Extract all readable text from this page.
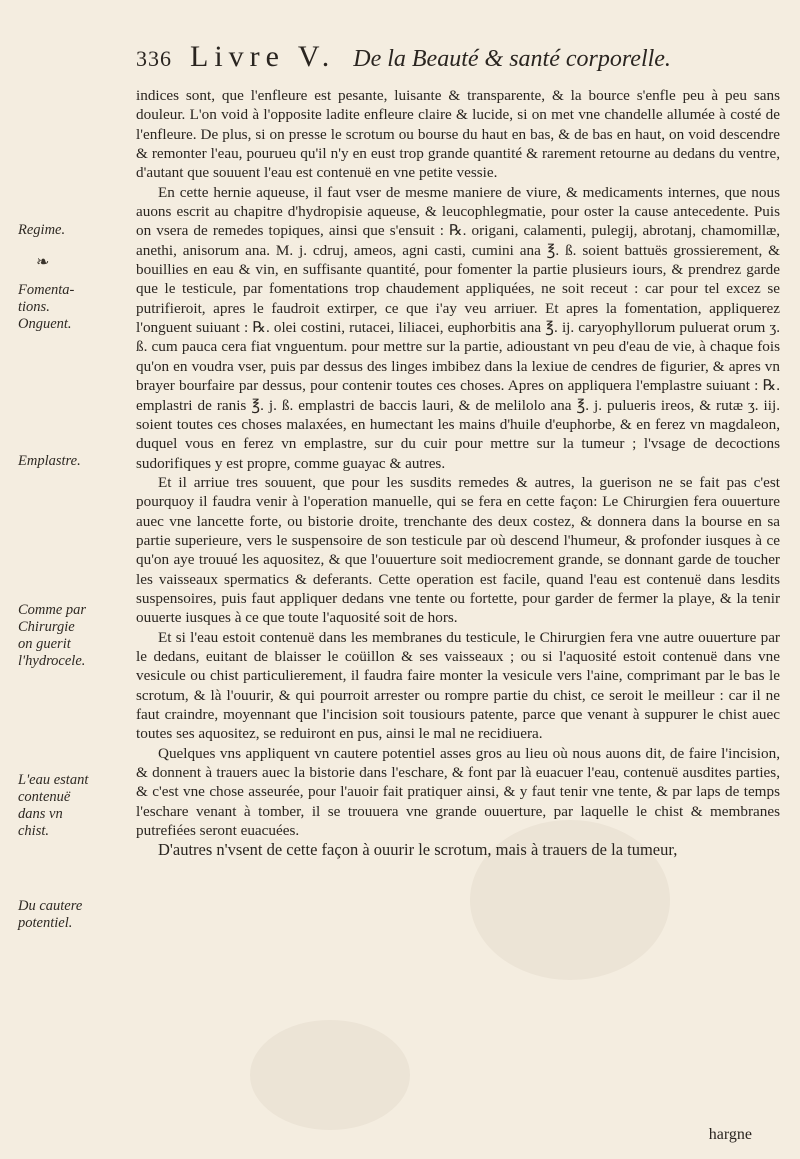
336 Livre V. De la Beauté & santé corporelle.
Regime.
❧
Fomenta-
tions.
Onguent.
Emplastre.
Comme par
Chirurgie
on guerit
l'hydrocele.
L'eau estant
contenuë
dans vn
chist.
Du cautere
potentiel.

indices sont, que l'enfleure est pesante, luisante & transparente, & la bource s'enfle peu à peu sans douleur. L'on void à l'opposite ladite enfleure claire & lucide, si on met vne chandelle allumée à costé de l'enfleure. De plus, si on presse le scrotum ou bourse du haut en bas, & de bas en haut, on void descendre & remonter l'eau, pourueu qu'il n'y en eust trop grande quantité & rarement retourne au dedans du ventre, d'autant que souuent l'eau est contenuë en vne petite vessie.

En cette hernie aqueuse, il faut vser de mesme maniere de viure, & medicaments internes, que nous auons escrit au chapitre d'hydropisie aqueuse, & leucophlegmatie, pour oster la cause antecedente. Puis on vsera de remedes topiques, ainsi que s'ensuit : ℞. origani, calamenti, pulegij, abrotanj, chamomillæ, anethi, anisorum ana. M. j. cdruj, ameos, agni casti, cumini ana ℥. ß. soient battuës grossierement, & bouillies en eau & vin, en suffisante quantité, pour fomenter la partie plusieurs iours, & prendrez garde que le testicule, par fomentations trop chaudement appliquées, ne soit receut : car pour tel excez se putrifieroit, apres le faudroit extirper, ce que i'ay veu arriuer. Et apres la fomentation, appliquerez l'onguent suiuant : ℞. olei costini, rutacei, liliacei, euphorbitis ana ℥. ij. caryophyllorum puluerat orum ʒ. ß. cum pauca cera fiat vnguentum. pour mettre sur la partie, adioustant vn peu d'eau de vie, à chaque fois qu'on en voudra vser, puis par dessus des linges imbibez dans la lexiue de cendres de figurier, & apres vn brayer bourfaire par dessus, pour contenir toutes ces choses. Apres on appliquera l'emplastre suiuant : ℞. emplastri de ranis ℥. j. ß. emplastri de baccis lauri, & de melilolo ana ℥. j. pulueris ireos, & rutæ ʒ. iij. soient toutes ces choses malaxées, en humectant les mains d'huile d'euphorbe, & en ferez vn magdaleon, duquel vous en ferez vn emplastre, sur du cuir pour mettre sur la tumeur ; l'vsage de decoctions sudorifiques y est propre, comme guayac & autres.

Et il arriue tres souuent, que pour les susdits remedes & autres, la guerison ne se fait pas c'est pourquoy il faudra venir à l'operation manuelle, qui se fera en cette façon: Le Chirurgien fera ouuerture auec vne lancette forte, ou bistorie droite, trenchante des deux costez, & donnera dans la bourse en sa partie superieure, vers le suspensoire de son testicule par où descend l'humeur, & profonder iusques à ce qu'on aye trouué les aquositez, & que l'ouuerture soit mediocrement grande, se donnant garde de toucher les vaisseaux spermatics & deferants. Cette operation est facile, quand l'eau est contenuë dans lesdits suspensoires, puis faut appliquer dedans vne tente ou fortette, pour garder de fermer la playe, & la tenir ouuerte iusques à ce que toute l'aquosité soit de hors.

Et si l'eau estoit contenuë dans les membranes du testicule, le Chirurgien fera vne autre ouuerture par le dedans, euitant de blaisser le coüillon & ses vaisseaux ; ou si l'aquosité estoit contenuë dans vne vesicule ou chist particulierement, il faudra faire monter la vesicule vers l'aine, comprimant par le bas le scrotum, & là l'ouurir, & qui pourroit arrester ou rompre partie du chist, ce seroit le meilleur : car il ne faut craindre, moyennant que l'incision soit tousiours patente, parce que venant à suppurer le chist auec toutes ses aquositez, se reduiront en pus, ainsi le mal ne recidiuera.

Quelques vns appliquent vn cautere potentiel asses gros au lieu où nous auons dit, de faire l'incision, & donnent à trauers auec la bistorie dans l'eschare, & font par là euacuer l'eau, contenuë ausdites parties, & c'est vne chose asseurée, pour l'auoir fait pratiquer ainsi, & y faut tenir vne tente, & par laps de temps l'eschare venant à tomber, il se trouuera vne grande ouuerture, par laquelle le chist & membranes putrefiées seront euacuées.

D'autres n'vsent de cette façon à ouurir le scrotum, mais à trauers de la tumeur,

hargne
